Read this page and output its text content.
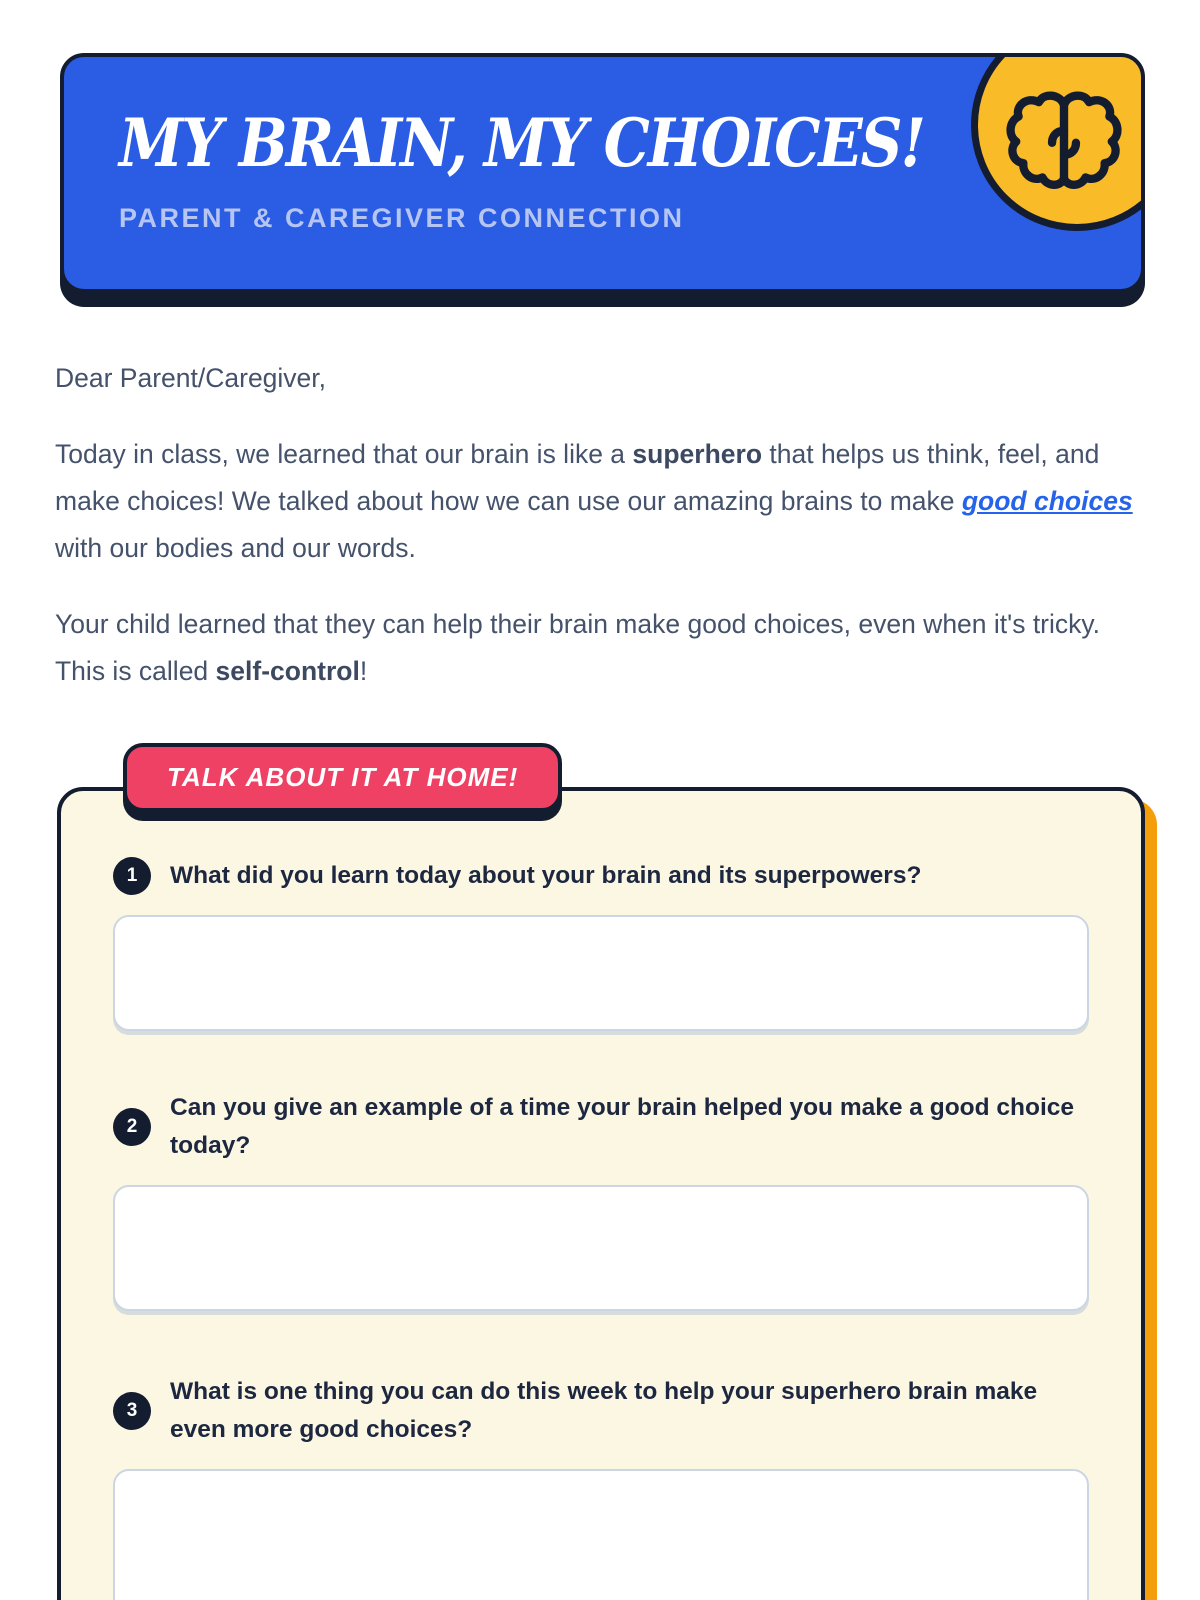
MY BRAIN, MY CHOICES!
PARENT & CAREGIVER CONNECTION

Dear Parent/Caregiver,

Today in class, we learned that our brain is like a superhero that helps us think, feel, and make choices! We talked about how we can use our amazing brains to make good choices with our bodies and our words.

Your child learned that they can help their brain make good choices, even when it's tricky. This is called self-control!

TALK ABOUT IT AT HOME!
1	What did you learn today about your brain and its superpowers?
2
Can you give an example of a time your brain helped you make a good choice today?
3
What is one thing you can do this week to help your superhero brain make even more good choices?
